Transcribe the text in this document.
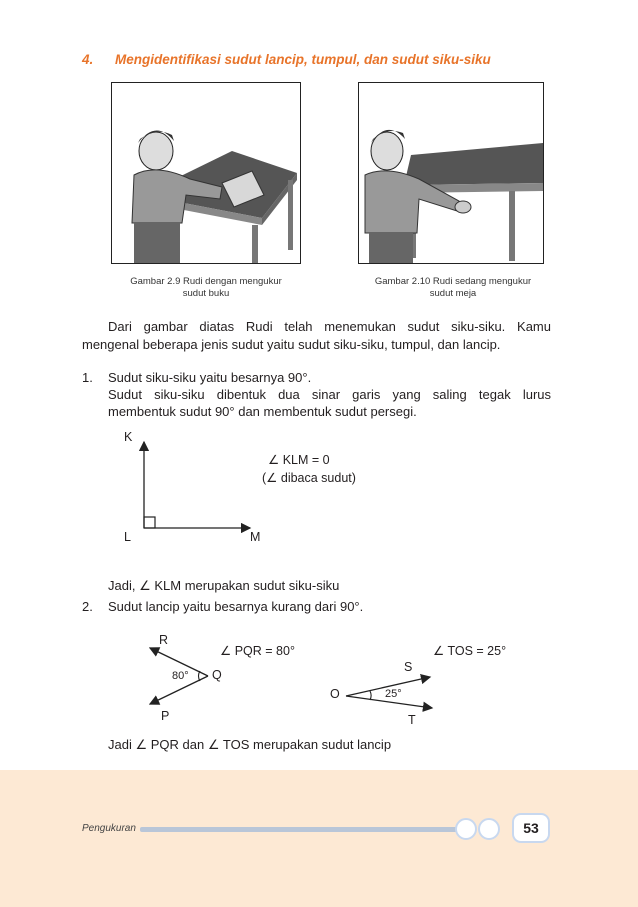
4. Mengidentifikasi sudut lancip, tumpul, dan sudut siku-siku
Gambar 2.9 Rudi dengan mengukur
sudut buku
Gambar 2.10 Rudi sedang mengukur
sudut meja
Dari gambar diatas Rudi telah menemukan sudut siku-siku. Kamu
mengenal beberapa jenis sudut yaitu sudut siku-siku, tumpul, dan lancip.
1. Sudut siku-siku yaitu besarnya 90°.
Sudut siku-siku dibentuk dua sinar garis yang saling tegak lurus
membentuk sudut 90° dan membentuk sudut persegi.
K
L	M
∠ KLM = 0
(∠ dibaca sudut)
Jadi, ∠ KLM merupakan sudut siku-siku
2. Sudut lancip yaitu besarnya kurang dari 90°.
R
Q
P
80°
∠ PQR = 80°
O
S
T
25°
∠ TOS = 25°
Jadi ∠ PQR dan ∠ TOS merupakan sudut lancip
Pengukuran	53
